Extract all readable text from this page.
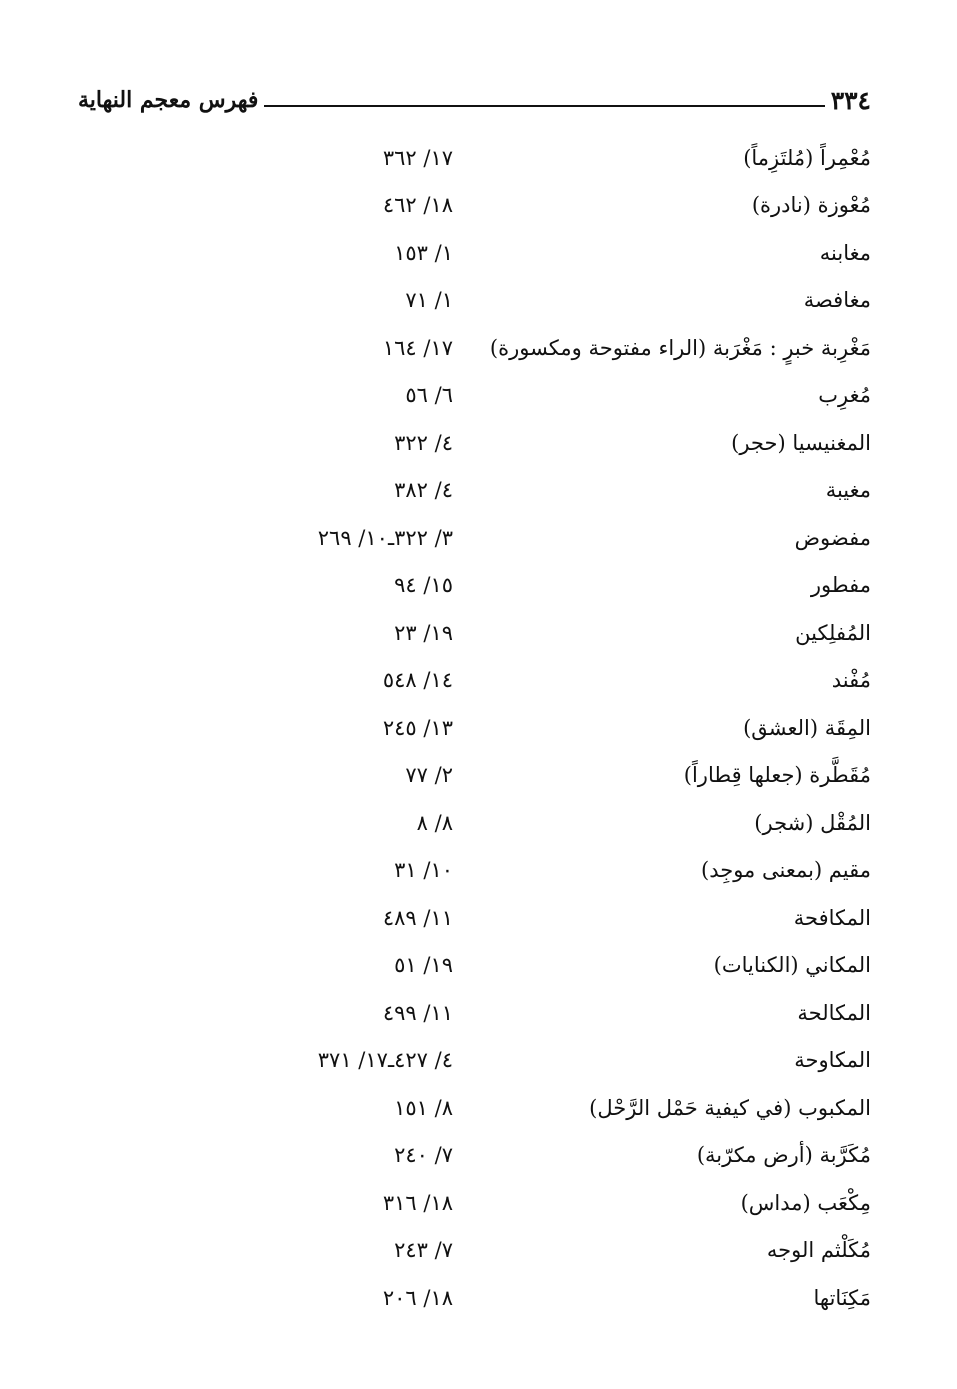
٣٣٤
فهرس معجم النهاية
مُعْمِراً (مُلتَزِماً)
١٧/ ٣٦٢
مُعْوزة (نادرة)
١٨/ ٤٦٢
مغابنه
١/ ١٥٣
مغافصة
١/ ٧١
مَغْرِبة خبرٍ : مَغْرَبة (الراء مفتوحة ومكسورة)
١٧/ ١٦٤
مُغرِب
٦/ ٥٦
المغنيسيا (حجر)
٤/ ٣٢٢
مغيبة
٤/ ٣٨٢
مفضوض
٣/ ٣٢٢ـ١٠/ ٢٦٩
مفطور
١٥/ ٩٤
المُفلِكين
١٩/ ٢٣
مُفْند
١٤/ ٥٤٨
المِقَة (العشق)
١٣/ ٢٤٥
مُقَطَّرة (جعلها قِطاراً)
٢/ ٧٧
المُقْل (شجر)
٨/ ٨
مقيم (بمعنى موجِد)
١٠/ ٣١
المكافحة
١١/ ٤٨٩
المكاني (الكنايات)
١٩/ ٥١
المكالحة
١١/ ٤٩٩
المكاوحة
٤/ ٤٢٧ـ١٧/ ٣٧١
المكبوب (في كيفية حَمْل الرَّحْل)
٨/ ١٥١
مُكَرَّبة (أرض مكرّبة)
٧/ ٢٤٠
مِكْعَب (مداس)
١٨/ ٣١٦
مُكَلْثم الوجه
٧/ ٢٤٣
مَكِنَاتها
١٨/ ٢٠٦
